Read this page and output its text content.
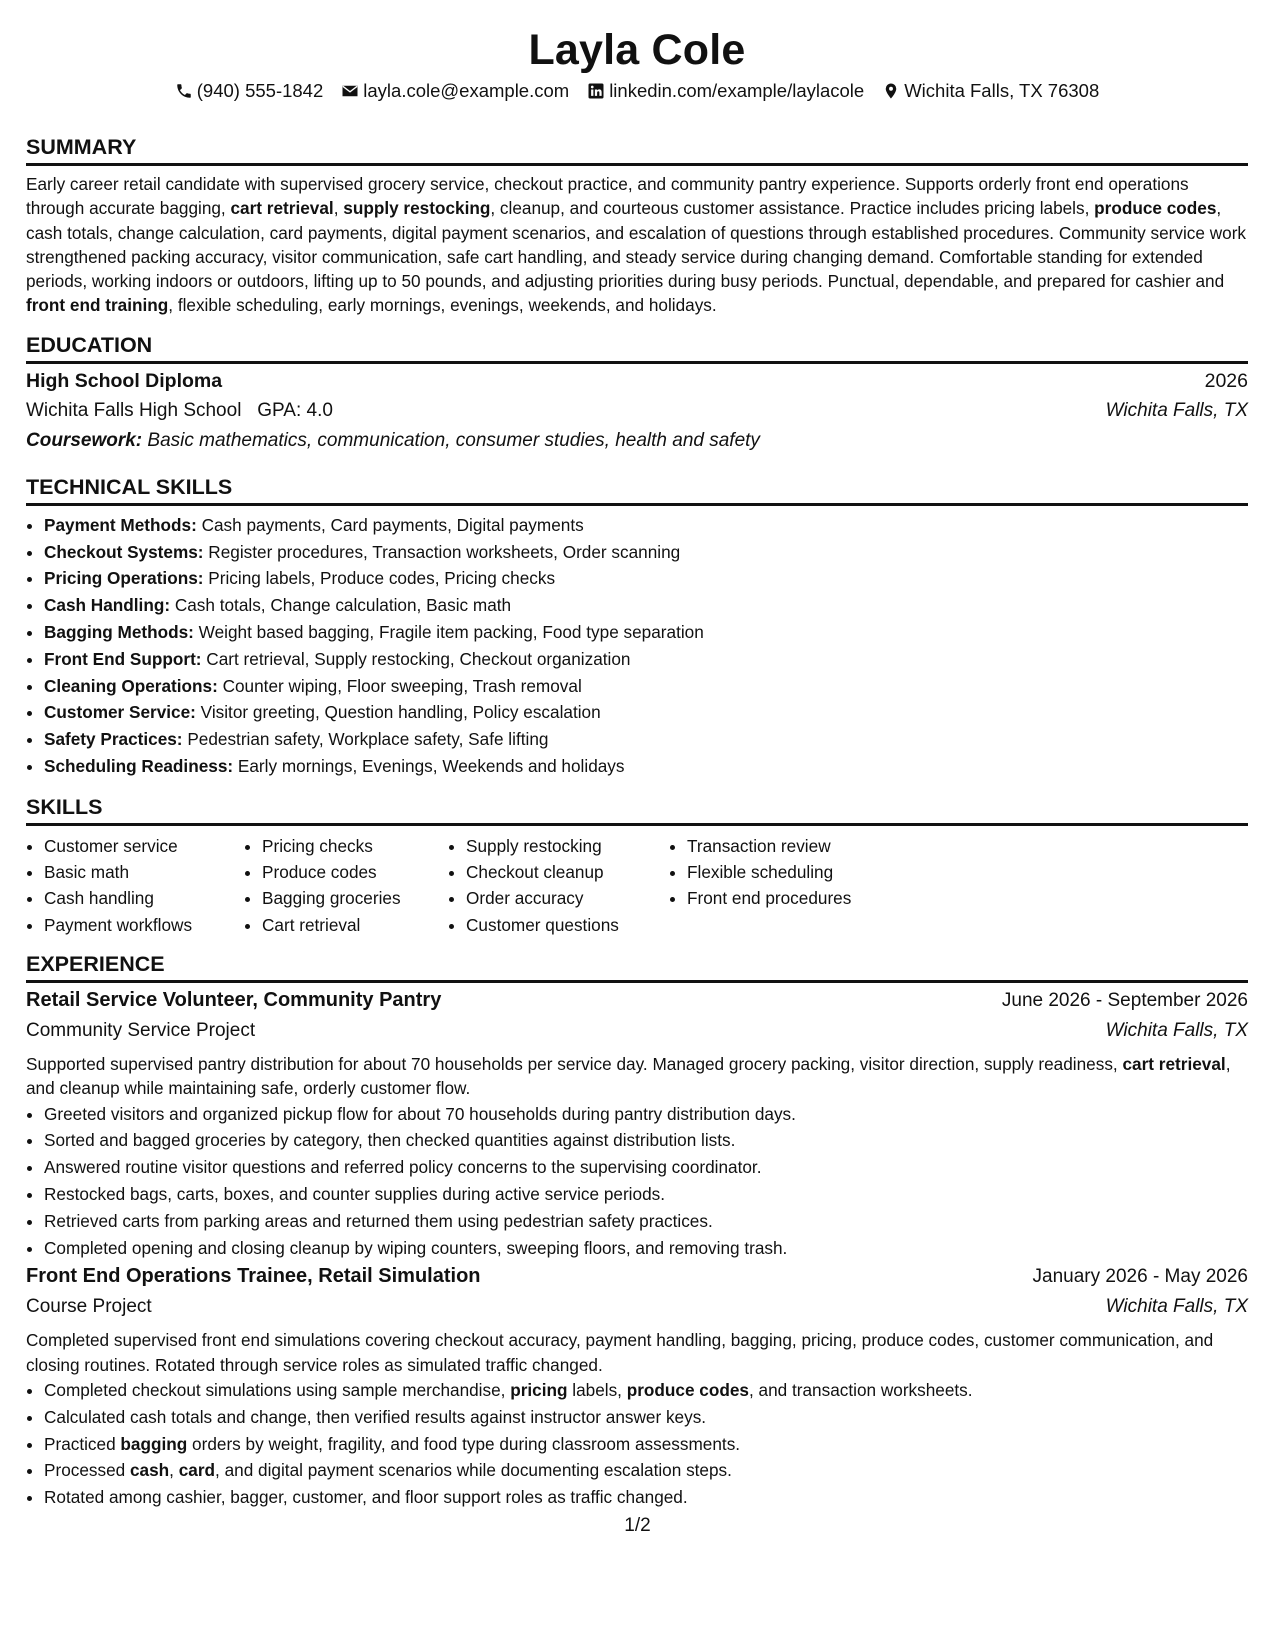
Layla Cole
(940) 555-1842 layla.cole@example.com linkedin.com/example/laylacole Wichita Falls, TX 76308
SUMMARY
Early career retail candidate with supervised grocery service, checkout practice, and community pantry experience. Supports orderly front end operations through accurate bagging, cart retrieval, supply restocking, cleanup, and courteous customer assistance. Practice includes pricing labels, produce codes, cash totals, change calculation, card payments, digital payment scenarios, and escalation of questions through established procedures. Community service work strengthened packing accuracy, visitor communication, safe cart handling, and steady service during changing demand. Comfortable standing for extended periods, working indoors or outdoors, lifting up to 50 pounds, and adjusting priorities during busy periods. Punctual, dependable, and prepared for cashier and front end training, flexible scheduling, early mornings, evenings, weekends, and holidays.
EDUCATION
High School Diploma	2026
Wichita Falls High School GPA: 4.0	Wichita Falls, TX
Coursework: Basic mathematics, communication, consumer studies, health and safety
TECHNICAL SKILLS
• Payment Methods: Cash payments, Card payments, Digital payments
• Checkout Systems: Register procedures, Transaction worksheets, Order scanning
• Pricing Operations: Pricing labels, Produce codes, Pricing checks
• Cash Handling: Cash totals, Change calculation, Basic math
• Bagging Methods: Weight based bagging, Fragile item packing, Food type separation
• Front End Support: Cart retrieval, Supply restocking, Checkout organization
• Cleaning Operations: Counter wiping, Floor sweeping, Trash removal
• Customer Service: Visitor greeting, Question handling, Policy escalation
• Safety Practices: Pedestrian safety, Workplace safety, Safe lifting
• Scheduling Readiness: Early mornings, Evenings, Weekends and holidays
SKILLS
• Customer service
• Basic math
• Cash handling
• Payment workflows
• Pricing checks
• Produce codes
• Bagging groceries
• Cart retrieval
• Supply restocking
• Checkout cleanup
• Order accuracy
• Customer questions
• Transaction review
• Flexible scheduling
• Front end procedures
EXPERIENCE
Retail Service Volunteer, Community Pantry	June 2026 - September 2026
Community Service Project	Wichita Falls, TX
Supported supervised pantry distribution for about 70 households per service day. Managed grocery packing, visitor direction, supply readiness, cart retrieval, and cleanup while maintaining safe, orderly customer flow.
• Greeted visitors and organized pickup flow for about 70 households during pantry distribution days.
• Sorted and bagged groceries by category, then checked quantities against distribution lists.
• Answered routine visitor questions and referred policy concerns to the supervising coordinator.
• Restocked bags, carts, boxes, and counter supplies during active service periods.
• Retrieved carts from parking areas and returned them using pedestrian safety practices.
• Completed opening and closing cleanup by wiping counters, sweeping floors, and removing trash.
Front End Operations Trainee, Retail Simulation	January 2026 - May 2026
Course Project	Wichita Falls, TX
Completed supervised front end simulations covering checkout accuracy, payment handling, bagging, pricing, produce codes, customer communication, and closing routines. Rotated through service roles as simulated traffic changed.
• Completed checkout simulations using sample merchandise, pricing labels, produce codes, and transaction worksheets.
• Calculated cash totals and change, then verified results against instructor answer keys.
• Practiced bagging orders by weight, fragility, and food type during classroom assessments.
• Processed cash, card, and digital payment scenarios while documenting escalation steps.
• Rotated among cashier, bagger, customer, and floor support roles as traffic changed.
1/2
